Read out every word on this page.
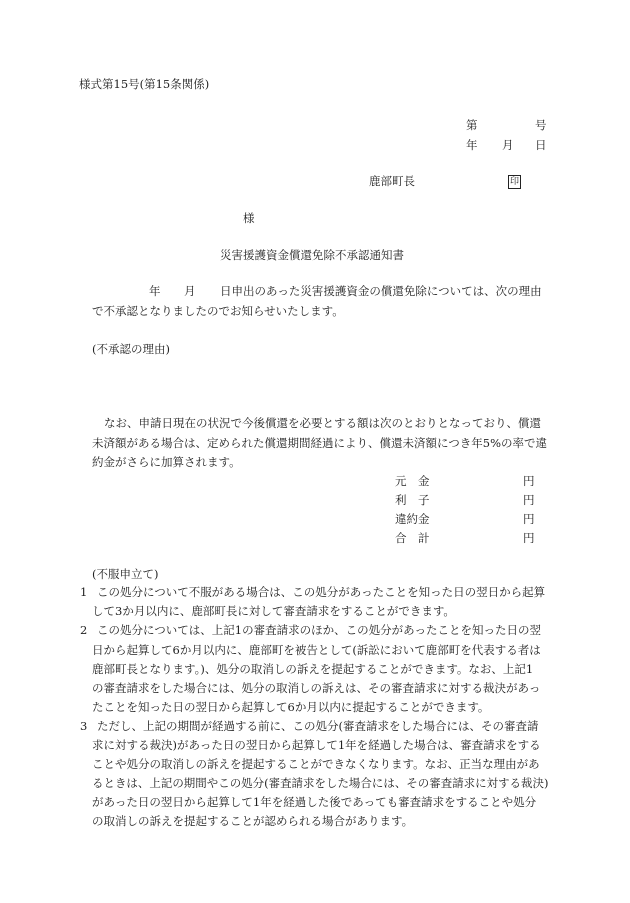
様式第15号(第15条関係)
第	号
年 月 日
鹿部町長	印
様
災害援護資金償還免除不承認通知書
年 月 日申出のあった災害援護資金の償還免除については、次の理由
で不承認となりましたのでお知らせいたします。
(不承認の理由)
なお、申請日現在の状況で今後償還を必要とする額は次のとおりとなっており、償還
未済額がある場合は、定められた償還期間経過により、償還未済額につき年5%の率で違
約金がさらに加算されます。
元　金	円
利　子	円
違約金	円
合　計	円
(不服申立て)
1 この処分について不服がある場合は、この処分があったことを知った日の翌日から起算
して3か月以内に、鹿部町長に対して審査請求をすることができます。
2 この処分については、上記1の審査請求のほか、この処分があったことを知った日の翌
日から起算して6か月以内に、鹿部町を被告として(訴訟において鹿部町を代表する者は
鹿部町長となります。)、処分の取消しの訴えを提起することができます。なお、上記1
の審査請求をした場合には、処分の取消しの訴えは、その審査請求に対する裁決があっ
たことを知った日の翌日から起算して6か月以内に提起することができます。
3 ただし、上記の期間が経過する前に、この処分(審査請求をした場合には、その審査請
求に対する裁決)があった日の翌日から起算して1年を経過した場合は、審査請求をする
ことや処分の取消しの訴えを提起することができなくなります。なお、正当な理由があ
るときは、上記の期間やこの処分(審査請求をした場合には、その審査請求に対する裁決)
があった日の翌日から起算して1年を経過した後であっても審査請求をすることや処分
の取消しの訴えを提起することが認められる場合があります。
